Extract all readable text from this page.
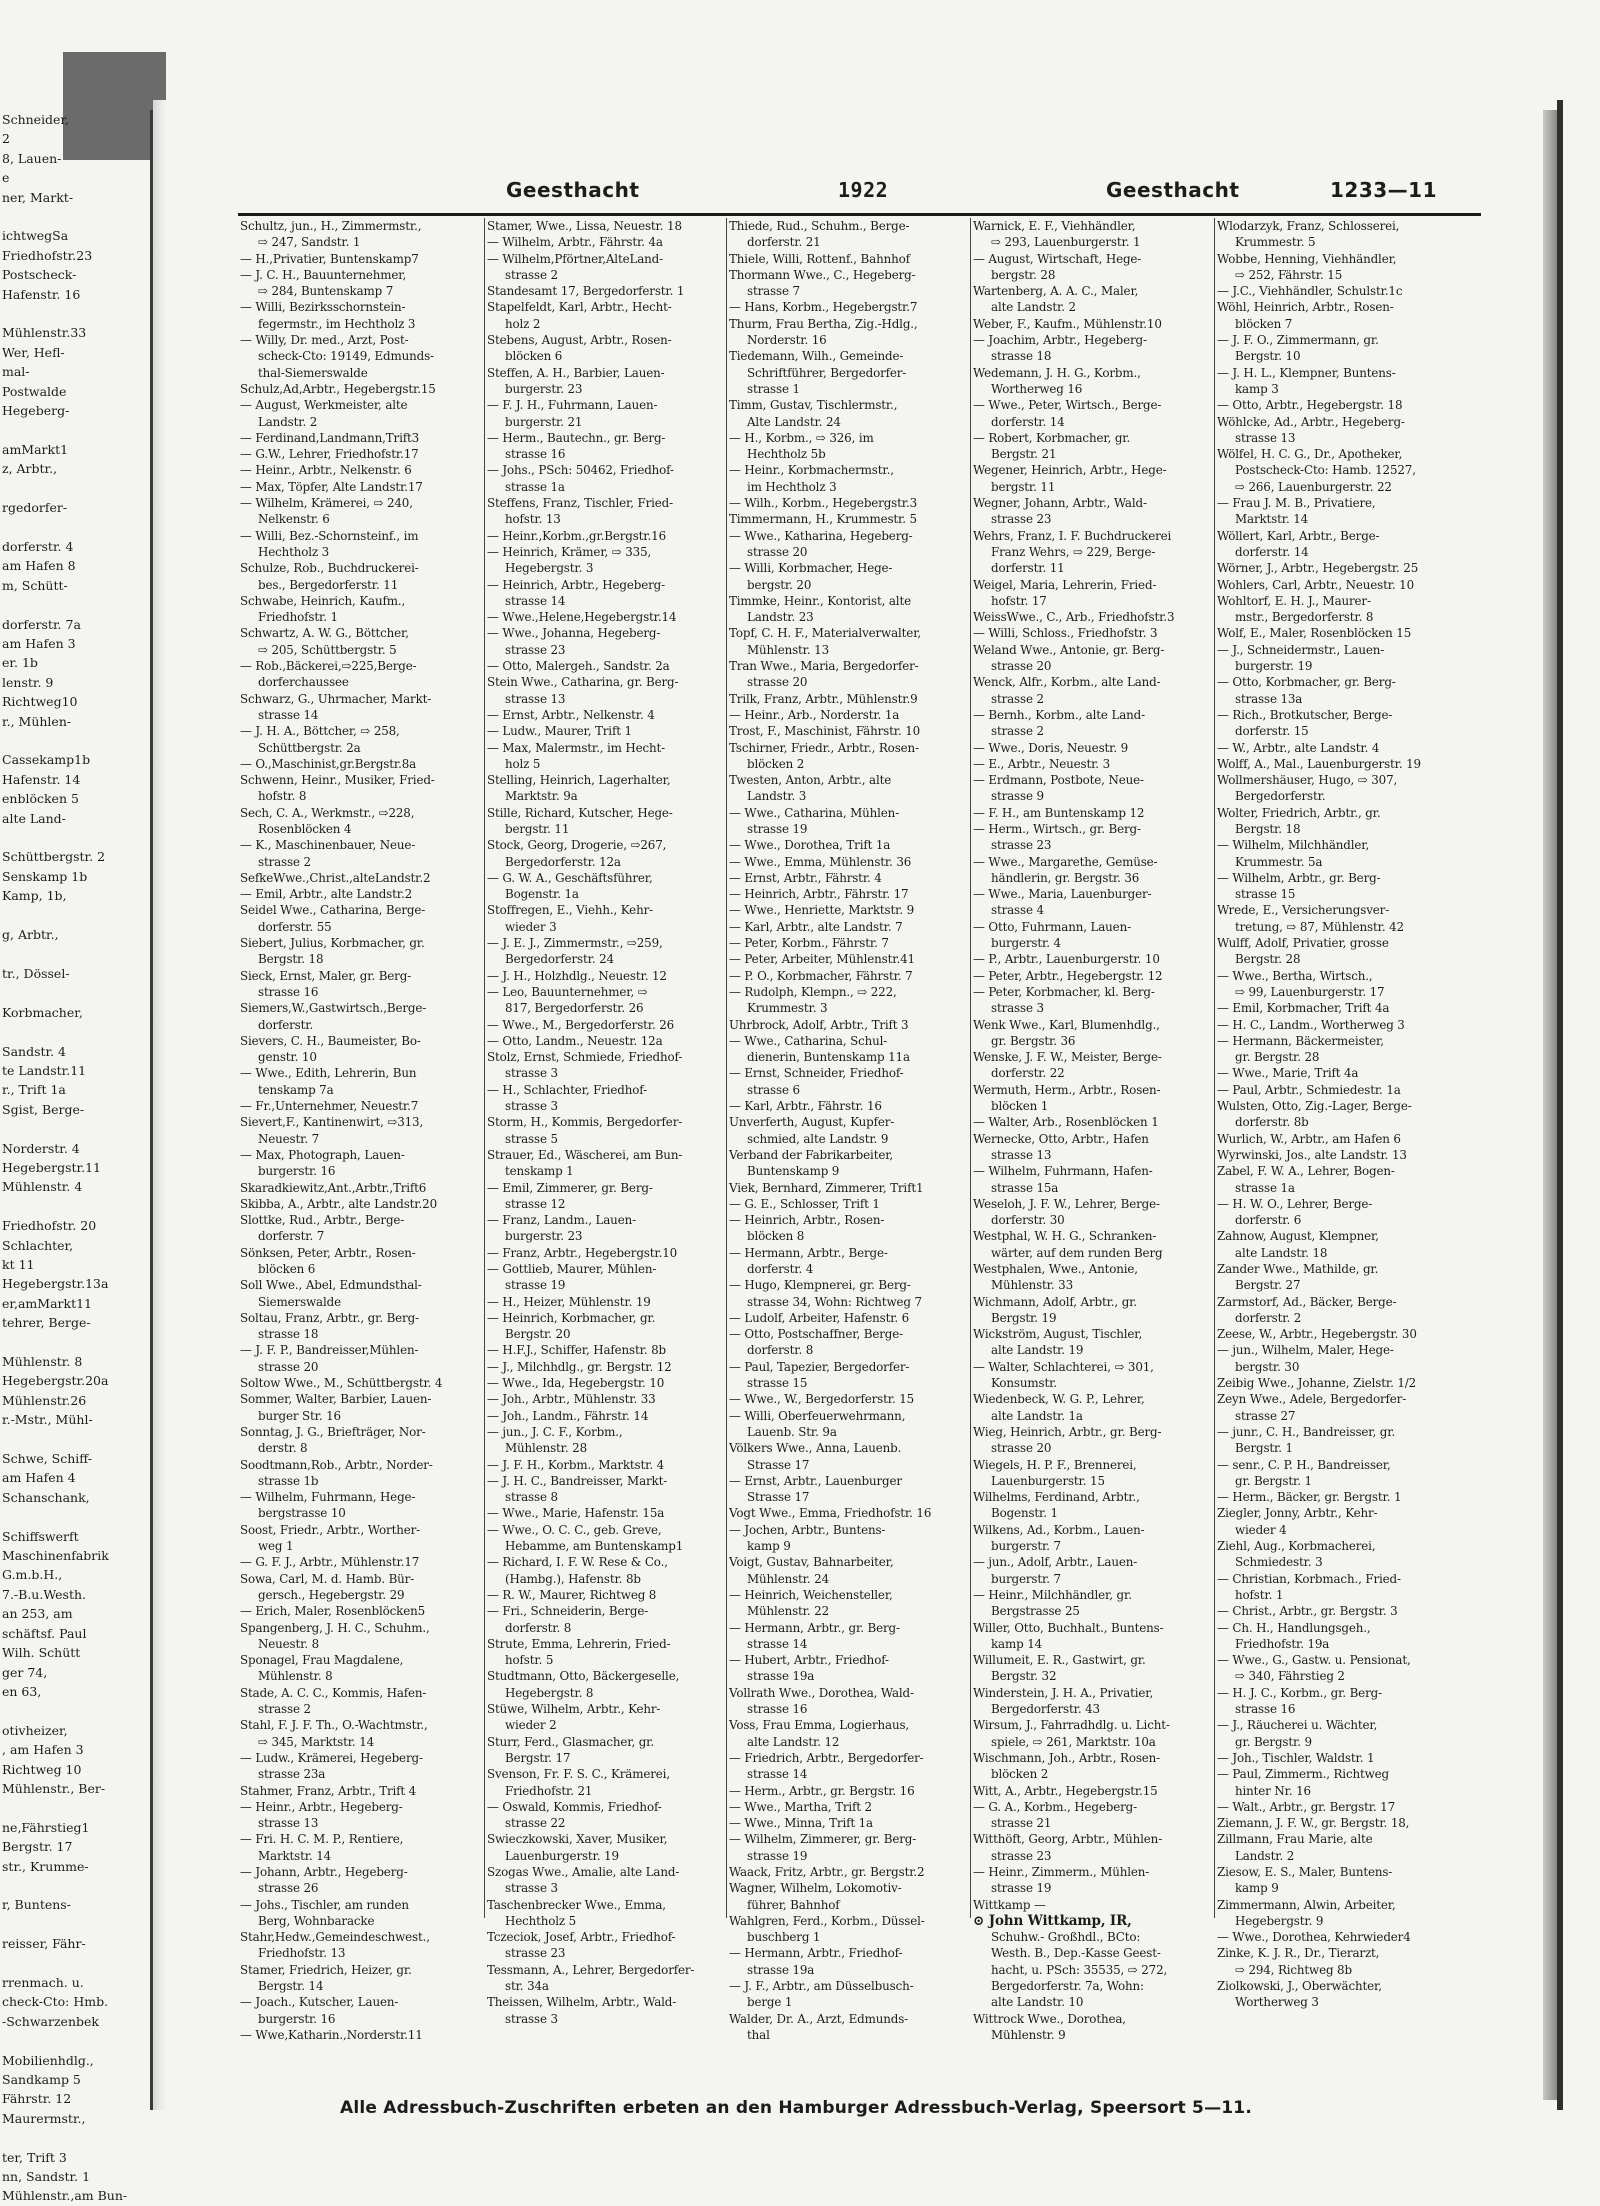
Schneider,
2
8, Lauen-
e
ner, Markt-

ichtwegSa
Friedhofstr.23
Postscheck-
Hafenstr. 16

Mühlenstr.33
Wer, Hefl-
mal-
Postwalde
Hegeberg-

amMarkt1
z, Arbtr.,

rgedorfer-

dorferstr. 4
am Hafen 8
m, Schütt-

dorferstr. 7a
am Hafen 3
er. 1b
lenstr. 9
Richtweg10
r., Mühlen-

Cassekamp1b
Hafenstr. 14
enblöcken 5
alte Land-

Schüttbergstr. 2
Senskamp 1b
Kamp, 1b,

g, Arbtr.,

tr., Dössel-

Korbmacher,

Sandstr. 4
te Landstr.11
r., Trift 1a
Sgist, Berge-

Norderstr. 4
Hegebergstr.11
Mühlenstr. 4

Friedhofstr. 20
Schlachter,
kt 11
Hegebergstr.13a
er,amMarkt11
tehrer, Berge-

Mühlenstr. 8
Hegebergstr.20a
Mühlenstr.26
r.-Mstr., Mühl-

Schwe, Schiff-
am Hafen 4
Schanschank,

Schiffswerft
Maschinenfabrik
G.m.b.H.,
7.-B.u.Westh.
an 253, am
schäftsf. Paul
Wilh. Schütt
ger 74,
en 63,

otivheizer,
, am Hafen 3
Richtweg 10
Mühlenstr., Ber-

ne,Fährstieg1
Bergstr. 17
str., Krumme-

r, Buntens-

reisser, Fähr-

rrenmach. u.
check-Cto: Hmb.
-Schwarzenbek

Mobilienhdlg.,
Sandkamp 5
Fährstr. 12
Maurermstr.,

ter, Trift 3
nn, Sandstr. 1
Mühlenstr.,am Bun-
Geesthacht	1922	Geesthacht	1233—11
Schultz, jun., H., Zimmermstr.,
⇨ 247, Sandstr. 1
— H.,Privatier, Buntenskamp7
— J. C. H., Bauunternehmer,
⇨ 284, Buntenskamp 7
— Willi, Bezirksschornstein-
fegermstr., im Hechtholz 3
— Willy, Dr. med., Arzt, Post-
scheck-Cto: 19149, Edmunds-
thal-Siemerswalde
Schulz,Ad,Arbtr., Hegebergstr.15
— August, Werkmeister, alte
Landstr. 2
— Ferdinand,Landmann,Trift3
— G.W., Lehrer, Friedhofstr.17
— Heinr., Arbtr., Nelkenstr. 6
— Max, Töpfer, Alte Landstr.17
— Wilhelm, Krämerei, ⇨ 240,
Nelkenstr. 6
— Willi, Bez.-Schornsteinf., im
Hechtholz 3
Schulze, Rob., Buchdruckerei-
bes., Bergedorferstr. 11
Schwabe, Heinrich, Kaufm.,
Friedhofstr. 1
Schwartz, A. W. G., Böttcher,
⇨ 205, Schüttbergstr. 5
— Rob.,Bäckerei,⇨225,Berge-
dorferchaussee
Schwarz, G., Uhrmacher, Markt-
strasse 14
— J. H. A., Böttcher, ⇨ 258,
Schüttbergstr. 2a
— O.,Maschinist,gr.Bergstr.8a
Schwenn, Heinr., Musiker, Fried-
hofstr. 8
Sech, C. A., Werkmstr., ⇨228,
Rosenblöcken 4
— K., Maschinenbauer, Neue-
strasse 2
SefkeWwe.,Christ.,alteLandstr.2
— Emil, Arbtr., alte Landstr.2
Seidel Wwe., Catharina, Berge-
dorferstr. 55
Siebert, Julius, Korbmacher, gr.
Bergstr. 18
Sieck, Ernst, Maler, gr. Berg-
strasse 16
Siemers,W.,Gastwirtsch.,Berge-
dorferstr.
Sievers, C. H., Baumeister, Bo-
genstr. 10
— Wwe., Edith, Lehrerin, Bun
tenskamp 7a
— Fr.,Unternehmer, Neuestr.7
Sievert,F., Kantinenwirt, ⇨313,
Neuestr. 7
— Max, Photograph, Lauen-
burgerstr. 16
Skaradkiewitz,Ant.,Arbtr.,Trift6
Skibba, A., Arbtr., alte Landstr.20
Slottke, Rud., Arbtr., Berge-
dorferstr. 7
Sönksen, Peter, Arbtr., Rosen-
blöcken 6
Soll Wwe., Abel, Edmundsthal-
Siemerswalde
Soltau, Franz, Arbtr., gr. Berg-
strasse 18
— J. F. P., Bandreisser,Mühlen-
strasse 20
Soltow Wwe., M., Schüttbergstr. 4
Sommer, Walter, Barbier, Lauen-
burger Str. 16
Sonntag, J. G., Briefträger, Nor-
derstr. 8
Soodtmann,Rob., Arbtr., Norder-
strasse 1b
— Wilhelm, Fuhrmann, Hege-
bergstrasse 10
Soost, Friedr., Arbtr., Worther-
weg 1
— G. F. J., Arbtr., Mühlenstr.17
Sowa, Carl, M. d. Hamb. Bür-
gersch., Hegebergstr. 29
— Erich, Maler, Rosenblöcken5
Spangenberg, J. H. C., Schuhm.,
Neuestr. 8
Sponagel, Frau Magdalene,
Mühlenstr. 8
Stade, A. C. C., Kommis, Hafen-
strasse 2
Stahl, F. J. F. Th., O.-Wachtmstr.,
⇨ 345, Marktstr. 14
— Ludw., Krämerei, Hegeberg-
strasse 23a
Stahmer, Franz, Arbtr., Trift 4
— Heinr., Arbtr., Hegeberg-
strasse 13
— Fri. H. C. M. P., Rentiere,
Marktstr. 14
— Johann, Arbtr., Hegeberg-
strasse 26
— Johs., Tischler, am runden
Berg, Wohnbaracke
Stahr,Hedw.,Gemeindeschwest.,
Friedhofstr. 13
Stamer, Friedrich, Heizer, gr.
Bergstr. 14
— Joach., Kutscher, Lauen-
burgerstr. 16
— Wwe,Katharin.,Norderstr.11
Stamer, Wwe., Lissa, Neuestr. 18
— Wilhelm, Arbtr., Fährstr. 4a
— Wilhelm,Pförtner,AlteLand-
strasse 2
Standesamt 17, Bergedorferstr. 1
Stapelfeldt, Karl, Arbtr., Hecht-
holz 2
Stebens, August, Arbtr., Rosen-
blöcken 6
Steffen, A. H., Barbier, Lauen-
burgerstr. 23
— F. J. H., Fuhrmann, Lauen-
burgerstr. 21
— Herm., Bautechn., gr. Berg-
strasse 16
— Johs., PSch: 50462, Friedhof-
strasse 1a
Steffens, Franz, Tischler, Fried-
hofstr. 13
— Heinr.,Korbm.,gr.Bergstr.16
— Heinrich, Krämer, ⇨ 335,
Hegebergstr. 3
— Heinrich, Arbtr., Hegeberg-
strasse 14
— Wwe.,Helene,Hegebergstr.14
— Wwe., Johanna, Hegeberg-
strasse 23
— Otto, Malergeh., Sandstr. 2a
Stein Wwe., Catharina, gr. Berg-
strasse 13
— Ernst, Arbtr., Nelkenstr. 4
— Ludw., Maurer, Trift 1
— Max, Malermstr., im Hecht-
holz 5
Stelling, Heinrich, Lagerhalter,
Marktstr. 9a
Stille, Richard, Kutscher, Hege-
bergstr. 11
Stock, Georg, Drogerie, ⇨267,
Bergedorferstr. 12a
— G. W. A., Geschäftsführer,
Bogenstr. 1a
Stoffregen, E., Viehh., Kehr-
wieder 3
— J. E. J., Zimmermstr., ⇨259,
Bergedorferstr. 24
— J. H., Holzhdlg., Neuestr. 12
— Leo, Bauunternehmer, ⇨
817, Bergedorferstr. 26
— Wwe., M., Bergedorferstr. 26
— Otto, Landm., Neuestr. 12a
Stolz, Ernst, Schmiede, Friedhof-
strasse 3
— H., Schlachter, Friedhof-
strasse 3
Storm, H., Kommis, Bergedorfer-
strasse 5
Strauer, Ed., Wäscherei, am Bun-
tenskamp 1
— Emil, Zimmerer, gr. Berg-
strasse 12
— Franz, Landm., Lauen-
burgerstr. 23
— Franz, Arbtr., Hegebergstr.10
— Gottlieb, Maurer, Mühlen-
strasse 19
— H., Heizer, Mühlenstr. 19
— Heinrich, Korbmacher, gr.
Bergstr. 20
— H.F.J., Schiffer, Hafenstr. 8b
— J., Milchhdlg., gr. Bergstr. 12
— Wwe., Ida, Hegebergstr. 10
— Joh., Arbtr., Mühlenstr. 33
— Joh., Landm., Fährstr. 14
— jun., J. C. F., Korbm.,
Mühlenstr. 28
— J. F. H., Korbm., Marktstr. 4
— J. H. C., Bandreisser, Markt-
strasse 8
— Wwe., Marie, Hafenstr. 15a
— Wwe., O. C. C., geb. Greve,
Hebamme, am Buntenskamp1
— Richard, I. F. W. Rese & Co.,
(Hambg.), Hafenstr. 8b
— R. W., Maurer, Richtweg 8
— Fri., Schneiderin, Berge-
dorferstr. 8
Strute, Emma, Lehrerin, Fried-
hofstr. 5
Studtmann, Otto, Bäckergeselle,
Hegebergstr. 8
Stüwe, Wilhelm, Arbtr., Kehr-
wieder 2
Sturr, Ferd., Glasmacher, gr.
Bergstr. 17
Svenson, Fr. F. S. C., Krämerei,
Friedhofstr. 21
— Oswald, Kommis, Friedhof-
strasse 22
Swieczkowski, Xaver, Musiker,
Lauenburgerstr. 19
Szogas Wwe., Amalie, alte Land-
strasse 3
Taschenbrecker Wwe., Emma,
Hechtholz 5
Tczeciok, Josef, Arbtr., Friedhof-
strasse 23
Tessmann, A., Lehrer, Bergedorfer-
str. 34a
Theissen, Wilhelm, Arbtr., Wald-
strasse 3
Thiede, Rud., Schuhm., Berge-
dorferstr. 21
Thiele, Willi, Rottenf., Bahnhof
Thormann Wwe., C., Hegeberg-
strasse 7
— Hans, Korbm., Hegebergstr.7
Thurm, Frau Bertha, Zig.-Hdlg.,
Norderstr. 16
Tiedemann, Wilh., Gemeinde-
Schriftführer, Bergedorfer-
strasse 1
Timm, Gustav, Tischlermstr.,
Alte Landstr. 24
— H., Korbm., ⇨ 326, im
Hechtholz 5b
— Heinr., Korbmachermstr.,
im Hechtholz 3
— Wilh., Korbm., Hegebergstr.3
Timmermann, H., Krummestr. 5
— Wwe., Katharina, Hegeberg-
strasse 20
— Willi, Korbmacher, Hege-
bergstr. 20
Timmke, Heinr., Kontorist, alte
Landstr. 23
Topf, C. H. F., Materialverwalter,
Mühlenstr. 13
Tran Wwe., Maria, Bergedorfer-
strasse 20
Trilk, Franz, Arbtr., Mühlenstr.9
— Heinr., Arb., Norderstr. 1a
Trost, F., Maschinist, Fährstr. 10
Tschirner, Friedr., Arbtr., Rosen-
blöcken 2
Twesten, Anton, Arbtr., alte
Landstr. 3
— Wwe., Catharina, Mühlen-
strasse 19
— Wwe., Dorothea, Trift 1a
— Wwe., Emma, Mühlenstr. 36
— Ernst, Arbtr., Fährstr. 4
— Heinrich, Arbtr., Fährstr. 17
— Wwe., Henriette, Marktstr. 9
— Karl, Arbtr., alte Landstr. 7
— Peter, Korbm., Fährstr. 7
— Peter, Arbeiter, Mühlenstr.41
— P. O., Korbmacher, Fährstr. 7
— Rudolph, Klempn., ⇨ 222,
Krummestr. 3
Uhrbrock, Adolf, Arbtr., Trift 3
— Wwe., Catharina, Schul-
dienerin, Buntenskamp 11a
— Ernst, Schneider, Friedhof-
strasse 6
— Karl, Arbtr., Fährstr. 16
Unverferth, August, Kupfer-
schmied, alte Landstr. 9
Verband der Fabrikarbeiter,
Buntenskamp 9
Viek, Bernhard, Zimmerer, Trift1
— G. E., Schlosser, Trift 1
— Heinrich, Arbtr., Rosen-
blöcken 8
— Hermann, Arbtr., Berge-
dorferstr. 4
— Hugo, Klempnerei, gr. Berg-
strasse 34, Wohn: Richtweg 7
— Ludolf, Arbeiter, Hafenstr. 6
— Otto, Postschaffner, Berge-
dorferstr. 8
— Paul, Tapezier, Bergedorfer-
strasse 15
— Wwe., W., Bergedorferstr. 15
— Willi, Oberfeuerwehrmann,
Lauenb. Str. 9a
Völkers Wwe., Anna, Lauenb.
Strasse 17
— Ernst, Arbtr., Lauenburger
Strasse 17
Vogt Wwe., Emma, Friedhofstr. 16
— Jochen, Arbtr., Buntens-
kamp 9
Voigt, Gustav, Bahnarbeiter,
Mühlenstr. 24
— Heinrich, Weichensteller,
Mühlenstr. 22
— Hermann, Arbtr., gr. Berg-
strasse 14
— Hubert, Arbtr., Friedhof-
strasse 19a
Vollrath Wwe., Dorothea, Wald-
strasse 16
Voss, Frau Emma, Logierhaus,
alte Landstr. 12
— Friedrich, Arbtr., Bergedorfer-
strasse 14
— Herm., Arbtr., gr. Bergstr. 16
— Wwe., Martha, Trift 2
— Wwe., Minna, Trift 1a
— Wilhelm, Zimmerer, gr. Berg-
strasse 19
Waack, Fritz, Arbtr., gr. Bergstr.2
Wagner, Wilhelm, Lokomotiv-
führer, Bahnhof
Wahlgren, Ferd., Korbm., Düssel-
buschberg 1
— Hermann, Arbtr., Friedhof-
strasse 19a
— J. F., Arbtr., am Düsselbusch-
berge 1
Walder, Dr. A., Arzt, Edmunds-
thal
Warnick, E. F., Viehhändler,
⇨ 293, Lauenburgerstr. 1
— August, Wirtschaft, Hege-
bergstr. 28
Wartenberg, A. A. C., Maler,
alte Landstr. 2
Weber, F., Kaufm., Mühlenstr.10
— Joachim, Arbtr., Hegeberg-
strasse 18
Wedemann, J. H. G., Korbm.,
Wortherweg 16
— Wwe., Peter, Wirtsch., Berge-
dorferstr. 14
— Robert, Korbmacher, gr.
Bergstr. 21
Wegener, Heinrich, Arbtr., Hege-
bergstr. 11
Wegner, Johann, Arbtr., Wald-
strasse 23
Wehrs, Franz, I. F. Buchdruckerei
Franz Wehrs, ⇨ 229, Berge-
dorferstr. 11
Weigel, Maria, Lehrerin, Fried-
hofstr. 17
WeissWwe., C., Arb., Friedhofstr.3
— Willi, Schloss., Friedhofstr. 3
Weland Wwe., Antonie, gr. Berg-
strasse 20
Wenck, Alfr., Korbm., alte Land-
strasse 2
— Bernh., Korbm., alte Land-
strasse 2
— Wwe., Doris, Neuestr. 9
— E., Arbtr., Neuestr. 3
— Erdmann, Postbote, Neue-
strasse 9
— F. H., am Buntenskamp 12
— Herm., Wirtsch., gr. Berg-
strasse 23
— Wwe., Margarethe, Gemüse-
händlerin, gr. Bergstr. 36
— Wwe., Maria, Lauenburger-
strasse 4
— Otto, Fuhrmann, Lauen-
burgerstr. 4
— P., Arbtr., Lauenburgerstr. 10
— Peter, Arbtr., Hegebergstr. 12
— Peter, Korbmacher, kl. Berg-
strasse 3
Wenk Wwe., Karl, Blumenhdlg.,
gr. Bergstr. 36
Wenske, J. F. W., Meister, Berge-
dorferstr. 22
Wermuth, Herm., Arbtr., Rosen-
blöcken 1
— Walter, Arb., Rosenblöcken 1
Wernecke, Otto, Arbtr., Hafen
strasse 13
— Wilhelm, Fuhrmann, Hafen-
strasse 15a
Weseloh, J. F. W., Lehrer, Berge-
dorferstr. 30
Westphal, W. H. G., Schranken-
wärter, auf dem runden Berg
Westphalen, Wwe., Antonie,
Mühlenstr. 33
Wichmann, Adolf, Arbtr., gr.
Bergstr. 19
Wickström, August, Tischler,
alte Landstr. 19
— Walter, Schlachterei, ⇨ 301,
Konsumstr.
Wiedenbeck, W. G. P., Lehrer,
alte Landstr. 1a
Wieg, Heinrich, Arbtr., gr. Berg-
strasse 20
Wiegels, H. P. F., Brennerei,
Lauenburgerstr. 15
Wilhelms, Ferdinand, Arbtr.,
Bogenstr. 1
Wilkens, Ad., Korbm., Lauen-
burgerstr. 7
— jun., Adolf, Arbtr., Lauen-
burgerstr. 7
— Heinr., Milchhändler, gr.
Bergstrasse 25
Willer, Otto, Buchhalt., Buntens-
kamp 14
Willumeit, E. R., Gastwirt, gr.
Bergstr. 32
Winderstein, J. H. A., Privatier,
Bergedorferstr. 43
Wirsum, J., Fahrradhdlg. u. Licht-
spiele, ⇨ 261, Marktstr. 10a
Wischmann, Joh., Arbtr., Rosen-
blöcken 2
Witt, A., Arbtr., Hegebergstr.15
— G. A., Korbm., Hegeberg-
strasse 21
Witthöft, Georg, Arbtr., Mühlen-
strasse 23
— Heinr., Zimmerm., Mühlen-
strasse 19
Wittkamp —
⊙ John Wittkamp, IR,
Schuhw.- Großhdl., BCto:
Westh. B., Dep.-Kasse Geest-
hacht, u. PSch: 35535, ⇨ 272,
Bergedorferstr. 7a, Wohn:
alte Landstr. 10
Wittrock Wwe., Dorothea,
Mühlenstr. 9
Wlodarzyk, Franz, Schlosserei,
Krummestr. 5
Wobbe, Henning, Viehhändler,
⇨ 252, Fährstr. 15
— J.C., Viehhändler, Schulstr.1c
Wöhl, Heinrich, Arbtr., Rosen-
blöcken 7
— J. F. O., Zimmermann, gr.
Bergstr. 10
— J. H. L., Klempner, Buntens-
kamp 3
— Otto, Arbtr., Hegebergstr. 18
Wöhlcke, Ad., Arbtr., Hegeberg-
strasse 13
Wölfel, H. C. G., Dr., Apotheker,
Postscheck-Cto: Hamb. 12527,
⇨ 266, Lauenburgerstr. 22
— Frau J. M. B., Privatiere,
Marktstr. 14
Wöllert, Karl, Arbtr., Berge-
dorferstr. 14
Wörner, J., Arbtr., Hegebergstr. 25
Wohlers, Carl, Arbtr., Neuestr. 10
Wohltorf, E. H. J., Maurer-
mstr., Bergedorferstr. 8
Wolf, E., Maler, Rosenblöcken 15
— J., Schneidermstr., Lauen-
burgerstr. 19
— Otto, Korbmacher, gr. Berg-
strasse 13a
— Rich., Brotkutscher, Berge-
dorferstr. 15
— W., Arbtr., alte Landstr. 4
Wolff, A., Mal., Lauenburgerstr. 19
Wollmershäuser, Hugo, ⇨ 307,
Bergedorferstr.
Wolter, Friedrich, Arbtr., gr.
Bergstr. 18
— Wilhelm, Milchhändler,
Krummestr. 5a
— Wilhelm, Arbtr., gr. Berg-
strasse 15
Wrede, E., Versicherungsver-
tretung, ⇨ 87, Mühlenstr. 42
Wulff, Adolf, Privatier, grosse
Bergstr. 28
— Wwe., Bertha, Wirtsch.,
⇨ 99, Lauenburgerstr. 17
— Emil, Korbmacher, Trift 4a
— H. C., Landm., Wortherweg 3
— Hermann, Bäckermeister,
gr. Bergstr. 28
— Wwe., Marie, Trift 4a
— Paul, Arbtr., Schmiedestr. 1a
Wulsten, Otto, Zig.-Lager, Berge-
dorferstr. 8b
Wurlich, W., Arbtr., am Hafen 6
Wyrwinski, Jos., alte Landstr. 13
Zabel, F. W. A., Lehrer, Bogen-
strasse 1a
— H. W. O., Lehrer, Berge-
dorferstr. 6
Zahnow, August, Klempner,
alte Landstr. 18
Zander Wwe., Mathilde, gr.
Bergstr. 27
Zarmstorf, Ad., Bäcker, Berge-
dorferstr. 2
Zeese, W., Arbtr., Hegebergstr. 30
— jun., Wilhelm, Maler, Hege-
bergstr. 30
Zeibig Wwe., Johanne, Zielstr. 1/2
Zeyn Wwe., Adele, Bergedorfer-
strasse 27
— junr., C. H., Bandreisser, gr.
Bergstr. 1
— senr., C. P. H., Bandreisser,
gr. Bergstr. 1
— Herm., Bäcker, gr. Bergstr. 1
Ziegler, Jonny, Arbtr., Kehr-
wieder 4
Ziehl, Aug., Korbmacherei,
Schmiedestr. 3
— Christian, Korbmach., Fried-
hofstr. 1
— Christ., Arbtr., gr. Bergstr. 3
— Ch. H., Handlungsgeh.,
Friedhofstr. 19a
— Wwe., G., Gastw. u. Pensionat,
⇨ 340, Fährstieg 2
— H. J. C., Korbm., gr. Berg-
strasse 16
— J., Räucherei u. Wächter,
gr. Bergstr. 9
— Joh., Tischler, Waldstr. 1
— Paul, Zimmerm., Richtweg
hinter Nr. 16
— Walt., Arbtr., gr. Bergstr. 17
Ziemann, J. F. W., gr. Bergstr. 18,
Zillmann, Frau Marie, alte
Landstr. 2
Ziesow, E. S., Maler, Buntens-
kamp 9
Zimmermann, Alwin, Arbeiter,
Hegebergstr. 9
— Wwe., Dorothea, Kehrwieder4
Zinke, K. J. R., Dr., Tierarzt,
⇨ 294, Richtweg 8b
Ziolkowski, J., Oberwächter,
Wortherweg 3
Alle Adressbuch-Zuschriften erbeten an den Hamburger Adressbuch-Verlag, Speersort 5—11.
